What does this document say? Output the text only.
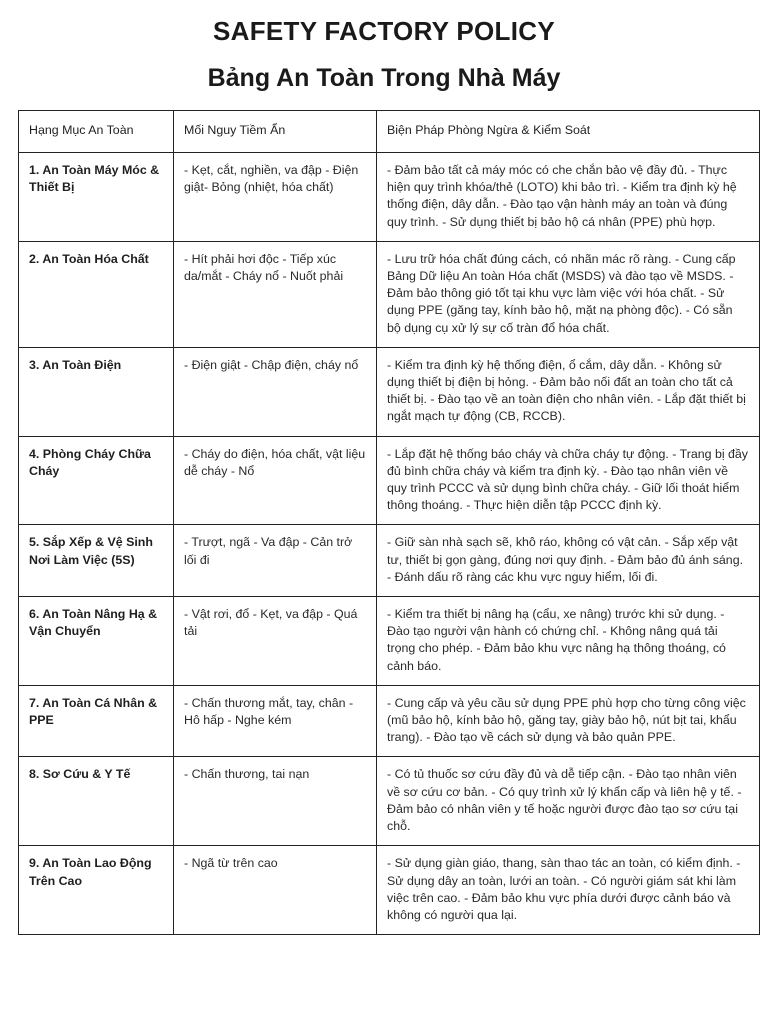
SAFETY FACTORY POLICY
Bảng An Toàn Trong Nhà Máy
Hạng Mục An Toàn	Mối Nguy Tiềm Ẩn	Biện Pháp Phòng Ngừa & Kiểm Soát
1. An Toàn Máy Móc & Thiết Bị	- Kẹt, cắt, nghiền, va đập - Điện giật- Bỏng (nhiệt, hóa chất)	- Đảm bảo tất cả máy móc có che chắn bảo vệ đầy đủ. - Thực hiện quy trình khóa/thẻ (LOTO) khi bảo trì. - Kiểm tra định kỳ hệ thống điện, dây dẫn. - Đào tạo vận hành máy an toàn và đúng quy trình. - Sử dụng thiết bị bảo hộ cá nhân (PPE) phù hợp.
2. An Toàn Hóa Chất	- Hít phải hơi độc - Tiếp xúc da/mắt - Cháy nổ - Nuốt phải	- Lưu trữ hóa chất đúng cách, có nhãn mác rõ ràng. - Cung cấp Bảng Dữ liệu An toàn Hóa chất (MSDS) và đào tạo về MSDS. - Đảm bảo thông gió tốt tại khu vực làm việc với hóa chất. - Sử dụng PPE (găng tay, kính bảo hộ, mặt nạ phòng độc). - Có sẵn bộ dụng cụ xử lý sự cố tràn đổ hóa chất.
3. An Toàn Điện	- Điện giật - Chập điện, cháy nổ	- Kiểm tra định kỳ hệ thống điện, ổ cắm, dây dẫn. - Không sử dụng thiết bị điện bị hỏng. - Đảm bảo nối đất an toàn cho tất cả thiết bị. - Đào tạo về an toàn điện cho nhân viên. - Lắp đặt thiết bị ngắt mạch tự động (CB, RCCB).
4. Phòng Cháy Chữa Cháy	- Cháy do điện, hóa chất, vật liệu dễ cháy - Nổ	- Lắp đặt hệ thống báo cháy và chữa cháy tự động. - Trang bị đầy đủ bình chữa cháy và kiểm tra định kỳ. - Đào tạo nhân viên về quy trình PCCC và sử dụng bình chữa cháy. - Giữ lối thoát hiểm thông thoáng. - Thực hiện diễn tập PCCC định kỳ.
5. Sắp Xếp & Vệ Sinh Nơi Làm Việc (5S)	- Trượt, ngã - Va đập - Cản trở lối đi	- Giữ sàn nhà sạch sẽ, khô ráo, không có vật cản. - Sắp xếp vật tư, thiết bị gọn gàng, đúng nơi quy định. - Đảm bảo đủ ánh sáng. - Đánh dấu rõ ràng các khu vực nguy hiểm, lối đi.
6. An Toàn Nâng Hạ & Vận Chuyển	- Vật rơi, đổ - Kẹt, va đập - Quá tải	- Kiểm tra thiết bị nâng hạ (cẩu, xe nâng) trước khi sử dụng. - Đào tạo người vận hành có chứng chỉ. - Không nâng quá tải trọng cho phép. - Đảm bảo khu vực nâng hạ thông thoáng, có cảnh báo.
7. An Toàn Cá Nhân & PPE	- Chấn thương mắt, tay, chân - Hô hấp - Nghe kém	- Cung cấp và yêu cầu sử dụng PPE phù hợp cho từng công việc (mũ bảo hộ, kính bảo hộ, găng tay, giày bảo hộ, nút bịt tai, khẩu trang). - Đào tạo về cách sử dụng và bảo quản PPE.
8. Sơ Cứu & Y Tế	- Chấn thương, tai nạn	- Có tủ thuốc sơ cứu đầy đủ và dễ tiếp cận. - Đào tạo nhân viên về sơ cứu cơ bản. - Có quy trình xử lý khẩn cấp và liên hệ y tế. - Đảm bảo có nhân viên y tế hoặc người được đào tạo sơ cứu tại chỗ.
9. An Toàn Lao Động Trên Cao	- Ngã từ trên cao	- Sử dụng giàn giáo, thang, sàn thao tác an toàn, có kiểm định. - Sử dụng dây an toàn, lưới an toàn. - Có người giám sát khi làm việc trên cao. - Đảm bảo khu vực phía dưới được cảnh báo và không có người qua lại.
